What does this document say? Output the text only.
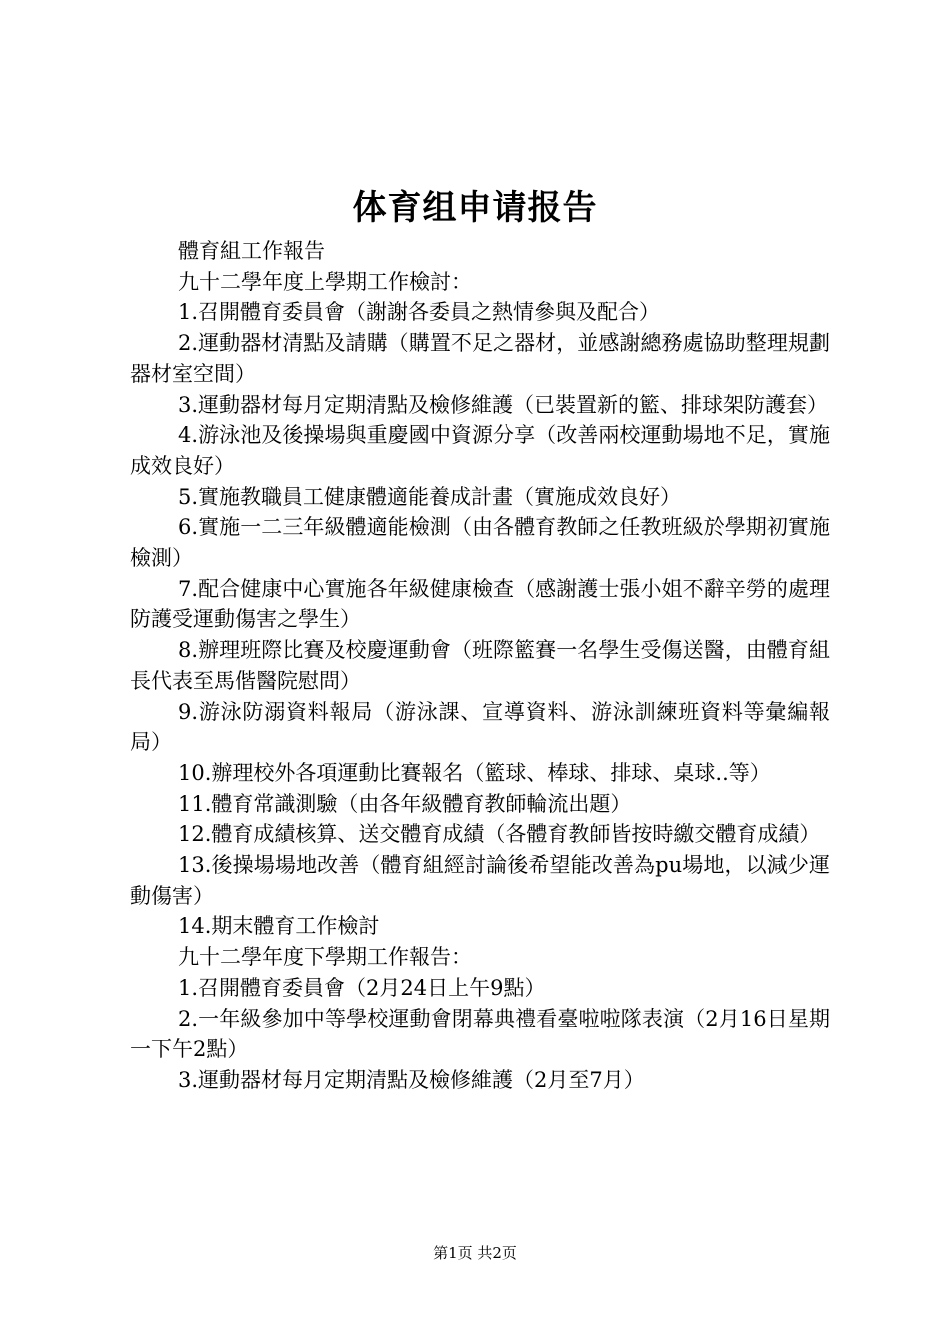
体育组申请报告

體育組工作報告

九十二學年度上學期工作檢討：

1.召開體育委員會（謝謝各委員之熱情參與及配合）

2.運動器材清點及請購（購置不足之器材，並感謝總務處協助整理規劃器材室空間）

3.運動器材每月定期清點及檢修維護（已裝置新的籃、排球架防護套）

4.游泳池及後操場與重慶國中資源分享（改善兩校運動場地不足，實施成效良好）

5.實施教職員工健康體適能養成計畫（實施成效良好）

6.實施一二三年級體適能檢測（由各體育教師之任教班級於學期初實施檢測）

7.配合健康中心實施各年級健康檢查（感謝護士張小姐不辭辛勞的處理防護受運動傷害之學生）

8.辦理班際比賽及校慶運動會（班際籃賽一名學生受傷送醫，由體育組長代表至馬偕醫院慰問）

9.游泳防溺資料報局（游泳課、宣導資料、游泳訓練班資料等彙編報局）

10.辦理校外各項運動比賽報名（籃球、棒球、排球、桌球..等）

11.體育常識測驗（由各年級體育教師輪流出題）

12.體育成績核算、送交體育成績（各體育教師皆按時繳交體育成績）

13.後操場場地改善（體育組經討論後希望能改善為pu場地，以減少運動傷害）

14.期末體育工作檢討

九十二學年度下學期工作報告：

1.召開體育委員會（2月24日上午9點）

2.一年級參加中等學校運動會閉幕典禮看臺啦啦隊表演（2月16日星期一下午2點）

3.運動器材每月定期清點及檢修維護（2月至7月）

第1页 共2页
